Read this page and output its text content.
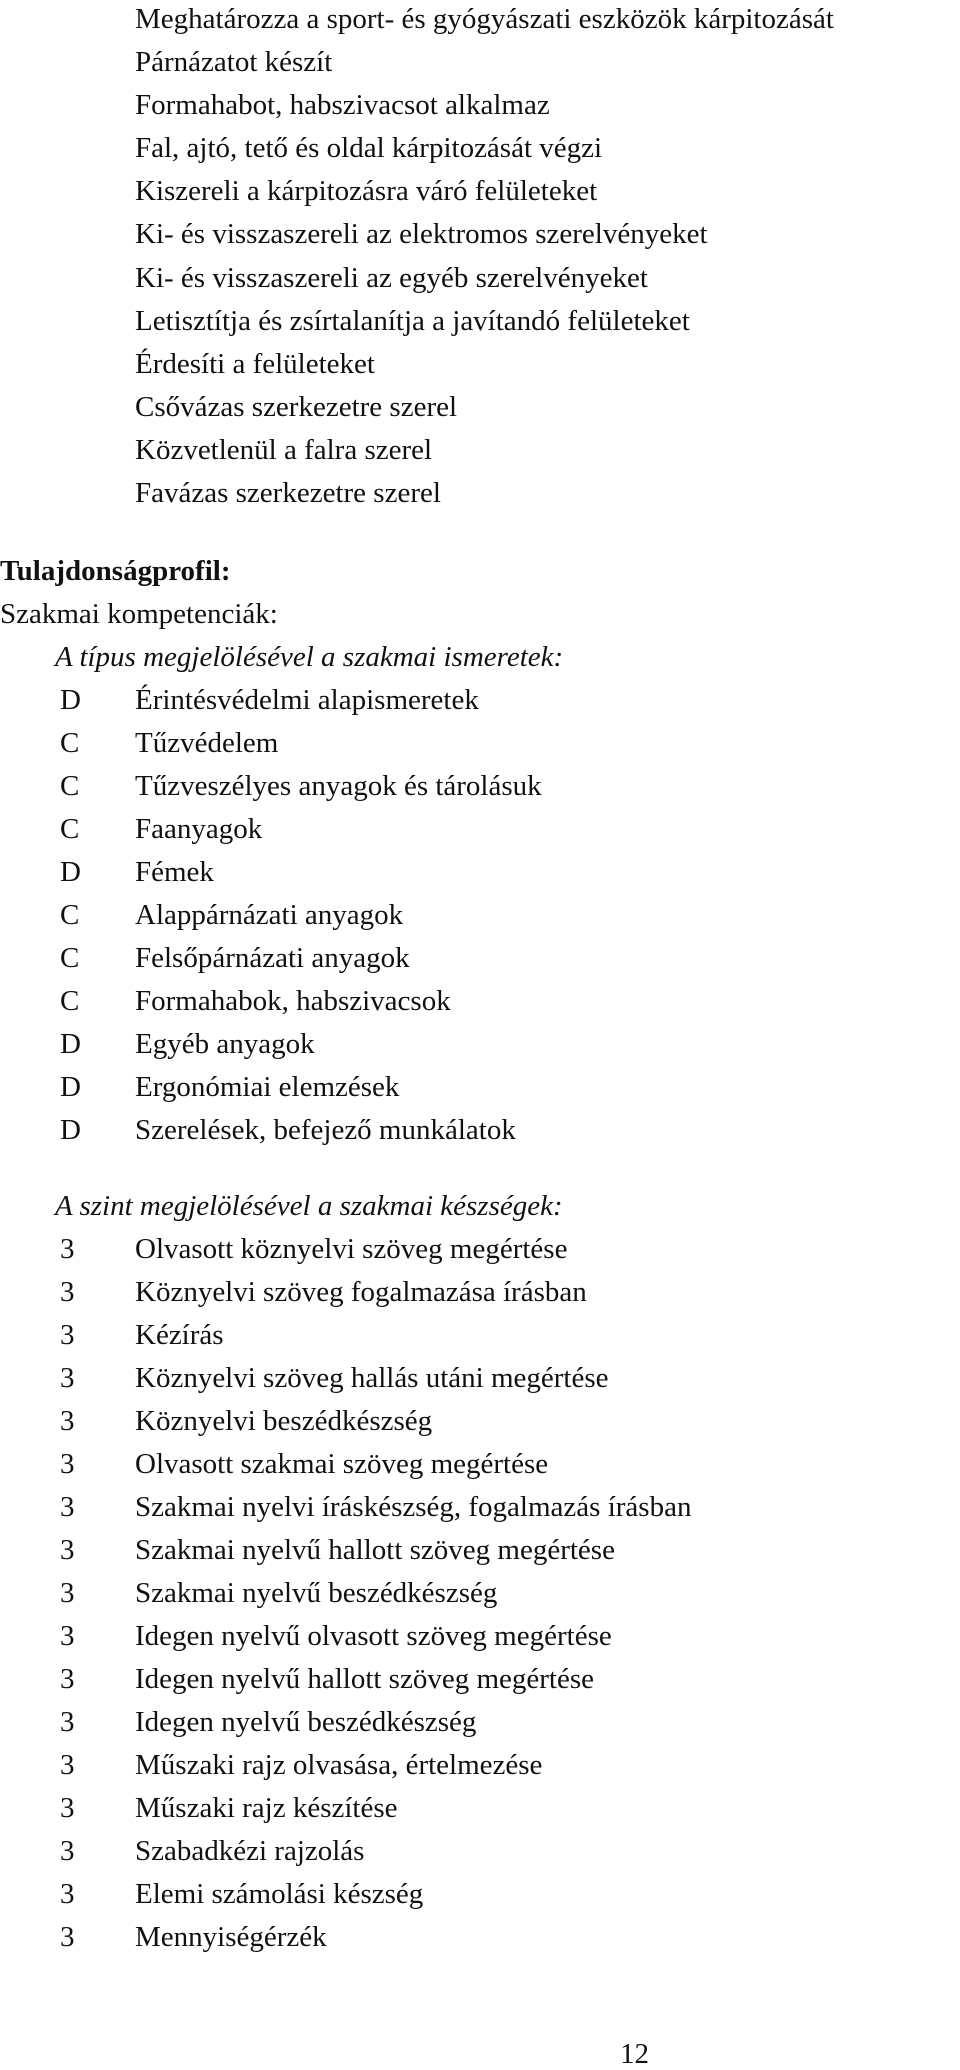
Meghatározza a sport- és gyógyászati eszközök kárpitozását
Párnázatot készít
Formahabot, habszivacsot alkalmaz
Fal, ajtó, tető és oldal kárpitozását végzi
Kiszereli a kárpitozásra váró felületeket
Ki- és visszaszereli az elektromos szerelvényeket
Ki- és visszaszereli az egyéb szerelvényeket
Letisztítja és zsírtalanítja a javítandó felületeket
Érdesíti a felületeket
Csővázas szerkezetre szerel
Közvetlenül a falra szerel
Favázas szerkezetre szerel
Tulajdonságprofil:
Szakmai kompetenciák:
A típus megjelölésével a szakmai ismeretek:
D	Érintésvédelmi alapismeretek
C	Tűzvédelem
C	Tűzveszélyes anyagok és tárolásuk
C	Faanyagok
D	Fémek
C	Alappárnázati anyagok
C	Felsőpárnázati anyagok
C	Formahabok, habszivacsok
D	Egyéb anyagok
D	Ergonómiai elemzések
D	Szerelések, befejező munkálatok
A szint megjelölésével a szakmai készségek:
3	Olvasott köznyelvi szöveg megértése
3	Köznyelvi szöveg fogalmazása írásban
3	Kézírás
3	Köznyelvi szöveg hallás utáni megértése
3	Köznyelvi beszédkészség
3	Olvasott szakmai szöveg megértése
3	Szakmai nyelvi íráskészség, fogalmazás írásban
3	Szakmai nyelvű hallott szöveg megértése
3	Szakmai nyelvű beszédkészség
3	Idegen nyelvű olvasott szöveg megértése
3	Idegen nyelvű hallott szöveg megértése
3	Idegen nyelvű beszédkészség
3	Műszaki rajz olvasása, értelmezése
3	Műszaki rajz készítése
3	Szabadkézi rajzolás
3	Elemi számolási készség
3	Mennyiségérzék
12
